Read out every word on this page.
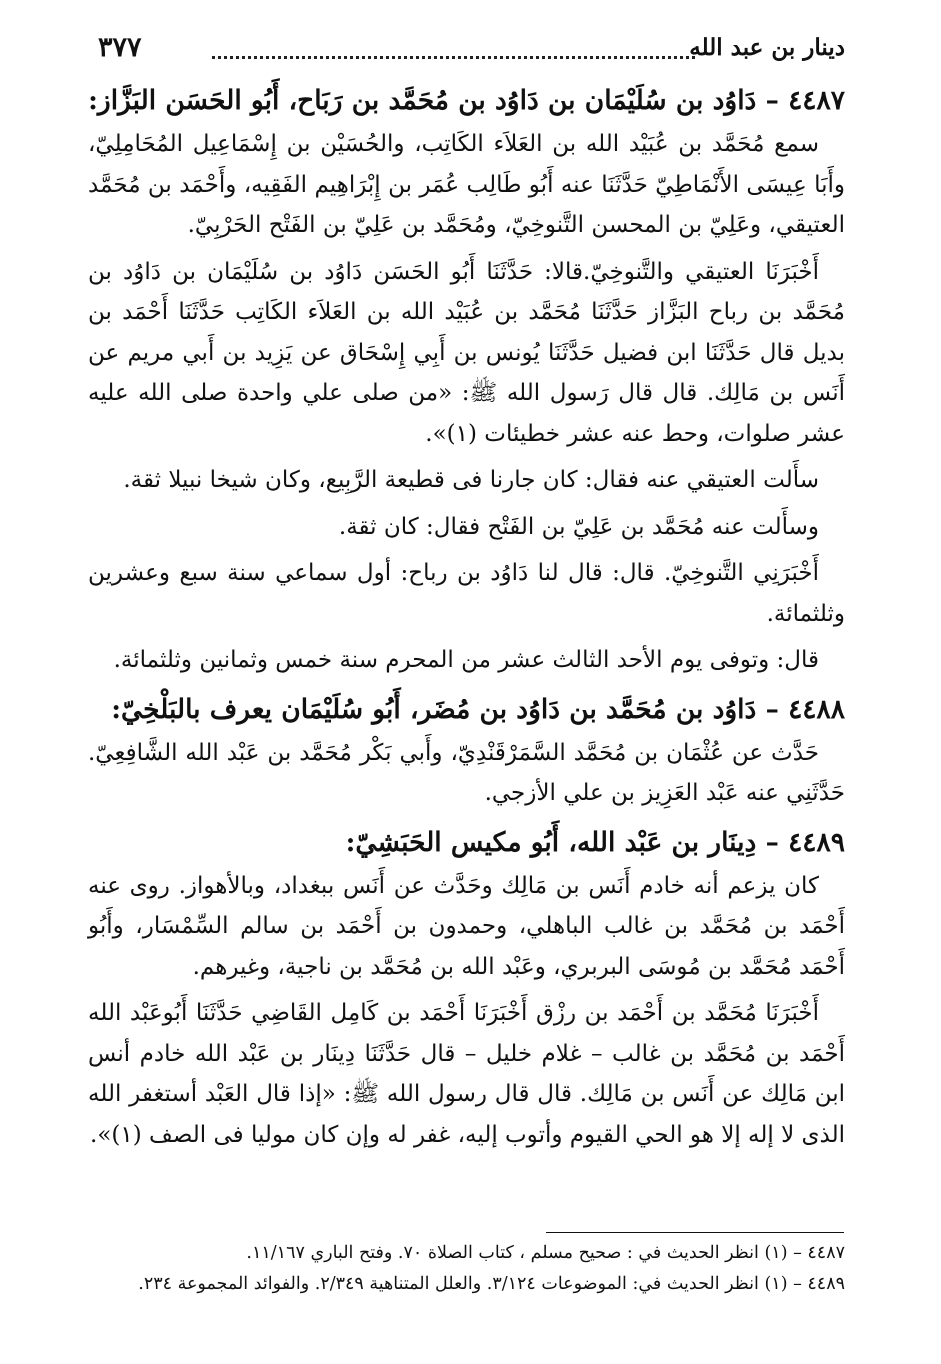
٣٧٧	دينار بن عبد الله
٤٤٨٧ – دَاوُد بن سُلَيْمَان بن دَاوُد بن مُحَمَّد بن رَبَاح، أَبُو الحَسَن البَزَّاز:

سمع مُحَمَّد بن عُبَيْد الله بن العَلاَء الكَاتِب، والحُسَيْن بن إِسْمَاعِيل المُحَامِلِيّ، وأَبَا عِيسَى الأَنْمَاطِيّ حَدَّثَنَا عنه أَبُو طَالِب عُمَر بن إِبْرَاهِيم الفَقِيه، وأَحْمَد بن مُحَمَّد العتيقي، وعَلِيّ بن المحسن التَّنوخِيّ، ومُحَمَّد بن عَلِيّ بن الفَتْح الحَرْبِيّ.

أَخْبَرَنَا العتيقي والتَّنوخِيّ.قالا: حَدَّثَنَا أَبُو الحَسَن دَاوُد بن سُلَيْمَان بن دَاوُد بن مُحَمَّد بن رباح البَزَّاز حَدَّثَنَا مُحَمَّد بن عُبَيْد الله بن العَلاَء الكَاتِب حَدَّثَنَا أَحْمَد بن بديل قال حَدَّثَنَا ابن فضيل حَدَّثَنَا يُونس بن أَبِي إِسْحَاق عن يَزِيد بن أَبي مريم عن أَنَس بن مَالِك. قال قال رَسول الله ﷺ: «من صلى علي واحدة صلى الله عليه عشر صلوات، وحط عنه عشر خطيئات (١)».

سأَلت العتيقي عنه فقال: كان جارنا فى قطيعة الرَّبِيع، وكان شيخا نبيلا ثقة.

وسأَلت عنه مُحَمَّد بن عَلِيّ بن الفَتْح فقال: كان ثقة.

أَخْبَرَنِي التَّنوخِيّ. قال: قال لنا دَاوُد بن رباح: أول سماعي سنة سبع وعشرين وثلثمائة.

قال: وتوفى يوم الأحد الثالث عشر من المحرم سنة خمس وثمانين وثلثمائة.

٤٤٨٨ – دَاوُد بن مُحَمَّد بن دَاوُد بن مُضَر، أَبُو سُلَيْمَان يعرف بالبَلْخِيّ:

حَدَّث عن عُثْمَان بن مُحَمَّد السَّمَرْقَنْدِيّ، وأَبي بَكْر مُحَمَّد بن عَبْد الله الشَّافِعِيّ. حَدَّثَنِي عنه عَبْد العَزِيز بن علي الأزجي.

٤٤٨٩ – دِينَار بن عَبْد الله، أَبُو مكيس الحَبَشِيّ:

كان يزعم أنه خادم أَنَس بن مَالِك وحَدَّث عن أَنَس ببغداد، وبالأهواز. روى عنه أَحْمَد بن مُحَمَّد بن غالب الباهلي، وحمدون بن أَحْمَد بن سالم السِّمْسَار، وأَبُو أَحْمَد مُحَمَّد بن مُوسَى البربري، وعَبْد الله بن مُحَمَّد بن ناجية، وغيرهم.

أَخْبَرَنَا مُحَمَّد بن أَحْمَد بن رزْق أَخْبَرَنَا أَحْمَد بن كَامِل القَاضِي حَدَّثَنَا أَبُوعَبْد الله أَحْمَد بن مُحَمَّد بن غالب – غلام خليل – قال حَدَّثَنَا دِينَار بن عَبْد الله خادم أنس ابن مَالِك عن أَنَس بن مَالِك. قال قال رسول الله ﷺ: «إذا قال العَبْد أستغفر الله الذى لا إله إلا هو الحي القيوم وأتوب إليه، غفر له وإن كان موليا فى الصف (١)».

٤٤٨٧ – (١) انظر الحديث في : صحيح مسلم ، كتاب الصلاة ٧٠. وفتح الباري ١١/١٦٧.

٤٤٨٩ – (١) انظر الحديث في: الموضوعات ٣/١٢٤. والعلل المتناهية ٢/٣٤٩. والفوائد المجموعة ٢٣٤.
